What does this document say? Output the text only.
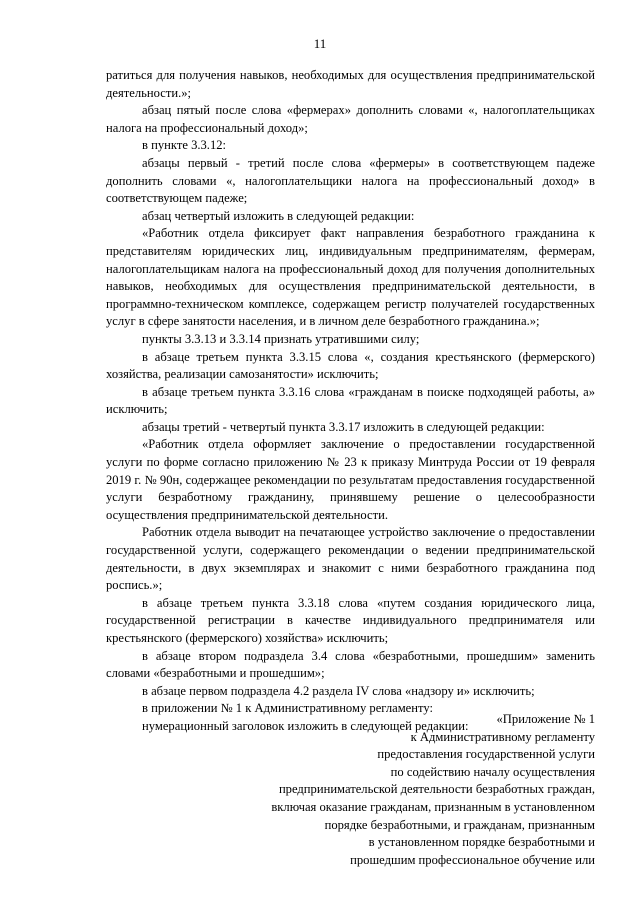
11

ратиться для получения навыков, необходимых для осуществления предпринимательской деятельности.»;

абзац пятый после слова «фермерах» дополнить словами «, налогоплательщиках налога на профессиональный доход»;

в пункте 3.3.12:

абзацы первый - третий после слова «фермеры» в соответствующем падеже дополнить словами «, налогоплательщики налога на профессиональный доход» в соответствующем падеже;

абзац четвертый изложить в следующей редакции:

«Работник отдела фиксирует факт направления безработного гражданина к представителям юридических лиц, индивидуальным предпринимателям, фермерам, налогоплательщикам налога на профессиональный доход для получения дополнительных навыков, необходимых для осуществления предпринимательской деятельности, в программно-техническом комплексе, содержащем регистр получателей государственных услуг в сфере занятости населения, и в личном деле безработного гражданина.»;

пункты 3.3.13 и 3.3.14 признать утратившими силу;

в абзаце третьем пункта 3.3.15 слова «, создания крестьянского (фермерского) хозяйства, реализации самозанятости» исключить;

в абзаце третьем пункта 3.3.16 слова «гражданам в поиске подходящей работы, а» исключить;

абзацы третий - четвертый пункта 3.3.17 изложить в следующей редакции:

«Работник отдела оформляет заключение о предоставлении государственной услуги по форме согласно приложению № 23 к приказу Минтруда России от 19 февраля 2019 г. № 90н, содержащее рекомендации по результатам предоставления государственной услуги безработному гражданину, принявшему решение о целесообразности осуществления предпринимательской деятельности.

Работник отдела выводит на печатающее устройство заключение о предоставлении государственной услуги, содержащего рекомендации о ведении предпринимательской деятельности, в двух экземплярах и знакомит с ними безработного гражданина под роспись.»;

в абзаце третьем пункта 3.3.18 слова «путем создания юридического лица, государственной регистрации в качестве индивидуального предпринимателя или крестьянского (фермерского) хозяйства» исключить;

в абзаце втором подраздела 3.4 слова «безработными, прошедшим» заменить словами «безработными и прошедшим»;

в абзаце первом подраздела 4.2 раздела IV слова «надзору и» исключить;

в приложении № 1 к Административному регламенту:

нумерационный заголовок изложить в следующей редакции:	«Приложение № 1
к Административному регламенту
предоставления государственной услуги
по содействию началу осуществления
предпринимательской деятельности безработных граждан,
включая оказание гражданам, признанным в установленном
порядке безработными, и гражданам, признанным
в установленном порядке безработными и
прошедшим профессиональное обучение или
